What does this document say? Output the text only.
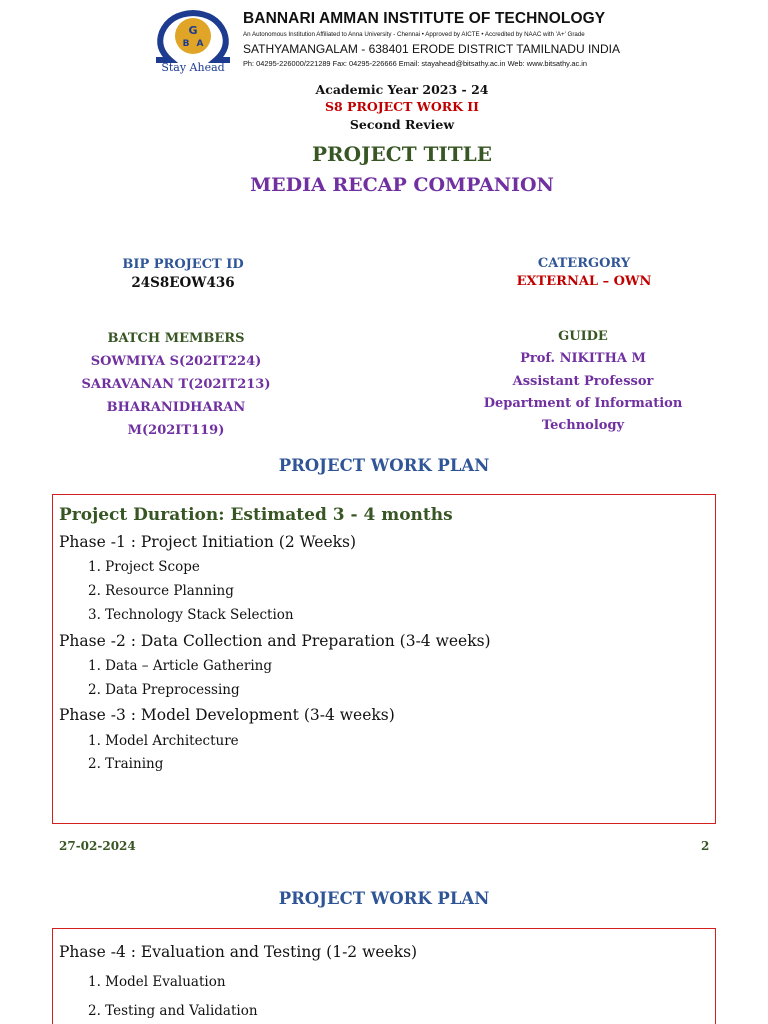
G
B A
Stay Ahead
BANNARI AMMAN INSTITUTE OF TECHNOLOGY
An Autonomous Institution Affiliated to Anna University - Chennai • Approved by AICTE • Accredited by NAAC with 'A+' Grade
SATHYAMANGALAM - 638401 ERODE DISTRICT TAMILNADU INDIA
Ph: 04295-226000/221289 Fax: 04295-226666 Email: stayahead@bitsathy.ac.in Web: www.bitsathy.ac.in
Academic Year 2023 - 24
S8 PROJECT WORK II
Second Review
PROJECT TITLE
MEDIA RECAP COMPANION
BIP PROJECT ID
24S8EOW436
CATERGORY
EXTERNAL – OWN
BATCH MEMBERS
SOWMIYA S(202IT224)
SARAVANAN T(202IT213)
BHARANIDHARAN M(202IT119)
GUIDE
Prof. NIKITHA M
Assistant Professor
Department of Information Technology
PROJECT WORK PLAN
Project Duration: Estimated 3 - 4 months
Phase -1 : Project Initiation (2 Weeks)
1. Project Scope
2. Resource Planning
3. Technology Stack Selection
Phase -2 : Data Collection and Preparation (3-4 weeks)
1. Data – Article Gathering
2. Data Preprocessing
Phase -3 : Model Development (3-4 weeks)
1. Model Architecture
2. Training
27-02-2024	2
PROJECT WORK PLAN
Phase -4 : Evaluation and Testing (1-2 weeks)
1. Model Evaluation
2. Testing and Validation
